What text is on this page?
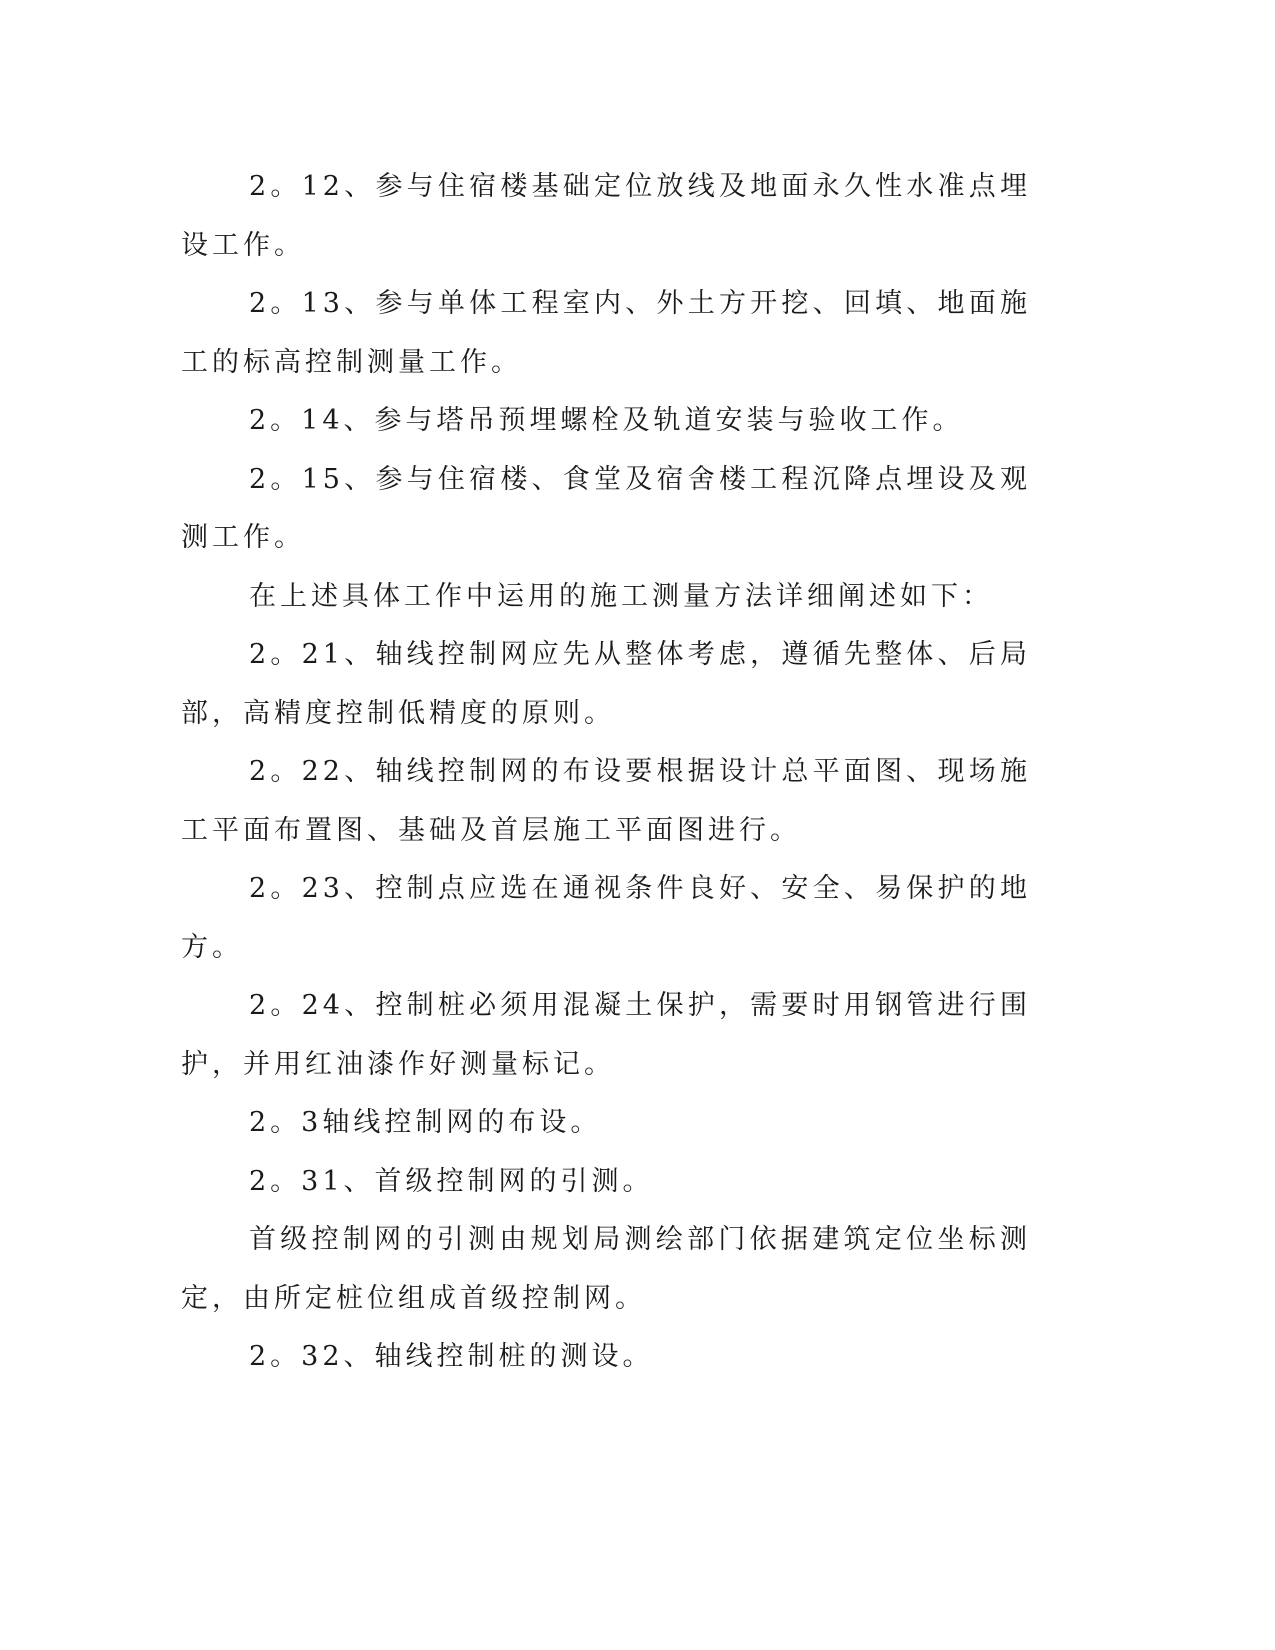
2。12、参与住宿楼基础定位放线及地面永久性水准点埋设工作。

2。13、参与单体工程室内、外土方开挖、回填、地面施工的标高控制测量工作。

2。14、参与塔吊预埋螺栓及轨道安装与验收工作。

2。15、参与住宿楼、食堂及宿舍楼工程沉降点埋设及观测工作。

在上述具体工作中运用的施工测量方法详细阐述如下：

2。21、轴线控制网应先从整体考虑，遵循先整体、后局部，高精度控制低精度的原则。

2。22、轴线控制网的布设要根据设计总平面图、现场施工平面布置图、基础及首层施工平面图进行。

2。23、控制点应选在通视条件良好、安全、易保护的地方。

2。24、控制桩必须用混凝土保护，需要时用钢管进行围护，并用红油漆作好测量标记。

2。3轴线控制网的布设。

2。31、首级控制网的引测。

首级控制网的引测由规划局测绘部门依据建筑定位坐标测定，由所定桩位组成首级控制网。

2。32、轴线控制桩的测设。
